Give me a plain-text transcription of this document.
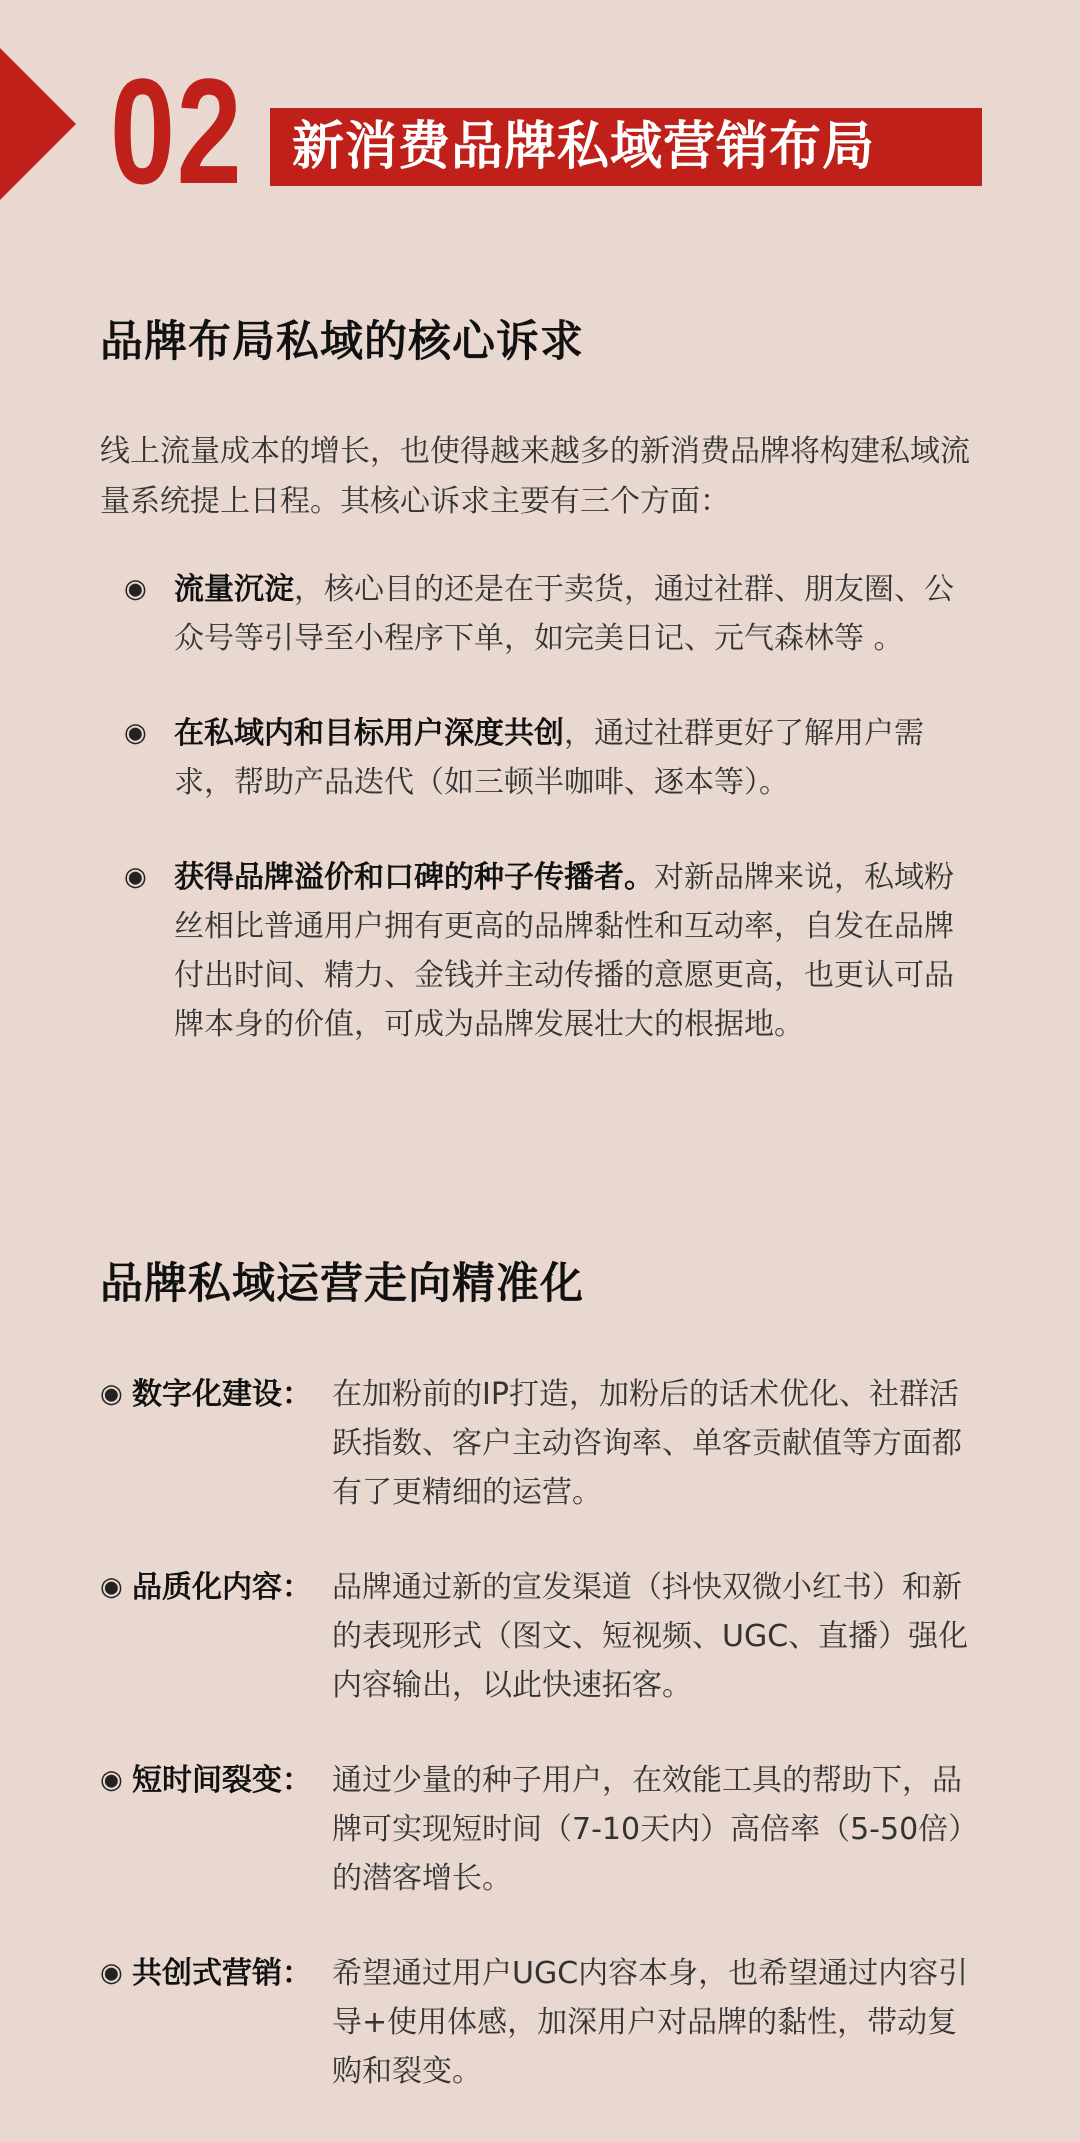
02 新消费品牌私域营销布局
品牌布局私域的核心诉求

线上流量成本的增长，也使得越来越多的新消费品牌将构建私域流量系统提上日程。其核心诉求主要有三个方面：

◉ 流量沉淀，核心目的还是在于卖货，通过社群、朋友圈、公众号等引导至小程序下单，如完美日记、元气森林等 。
◉ 在私域内和目标用户深度共创，通过社群更好了解用户需求，帮助产品迭代（如三顿半咖啡、逐本等）。
◉ 获得品牌溢价和口碑的种子传播者。对新品牌来说，私域粉丝相比普通用户拥有更高的品牌黏性和互动率，自发在品牌付出时间、精力、金钱并主动传播的意愿更高，也更认可品牌本身的价值，可成为品牌发展壮大的根据地。
品牌私域运营走向精准化
◉ 数字化建设： 在加粉前的IP打造，加粉后的话术优化、社群活跃指数、客户主动咨询率、单客贡献值等方面都有了更精细的运营。
◉ 品质化内容： 品牌通过新的宣发渠道（抖快双微小红书）和新的表现形式（图文、短视频、UGC、直播）强化内容输出，以此快速拓客。
◉ 短时间裂变： 通过少量的种子用户，在效能工具的帮助下，品牌可实现短时间（7-10天内）高倍率（5-50倍）的潜客增长。
◉ 共创式营销： 希望通过用户UGC内容本身，也希望通过内容引导+使用体感，加深用户对品牌的黏性，带动复购和裂变。
